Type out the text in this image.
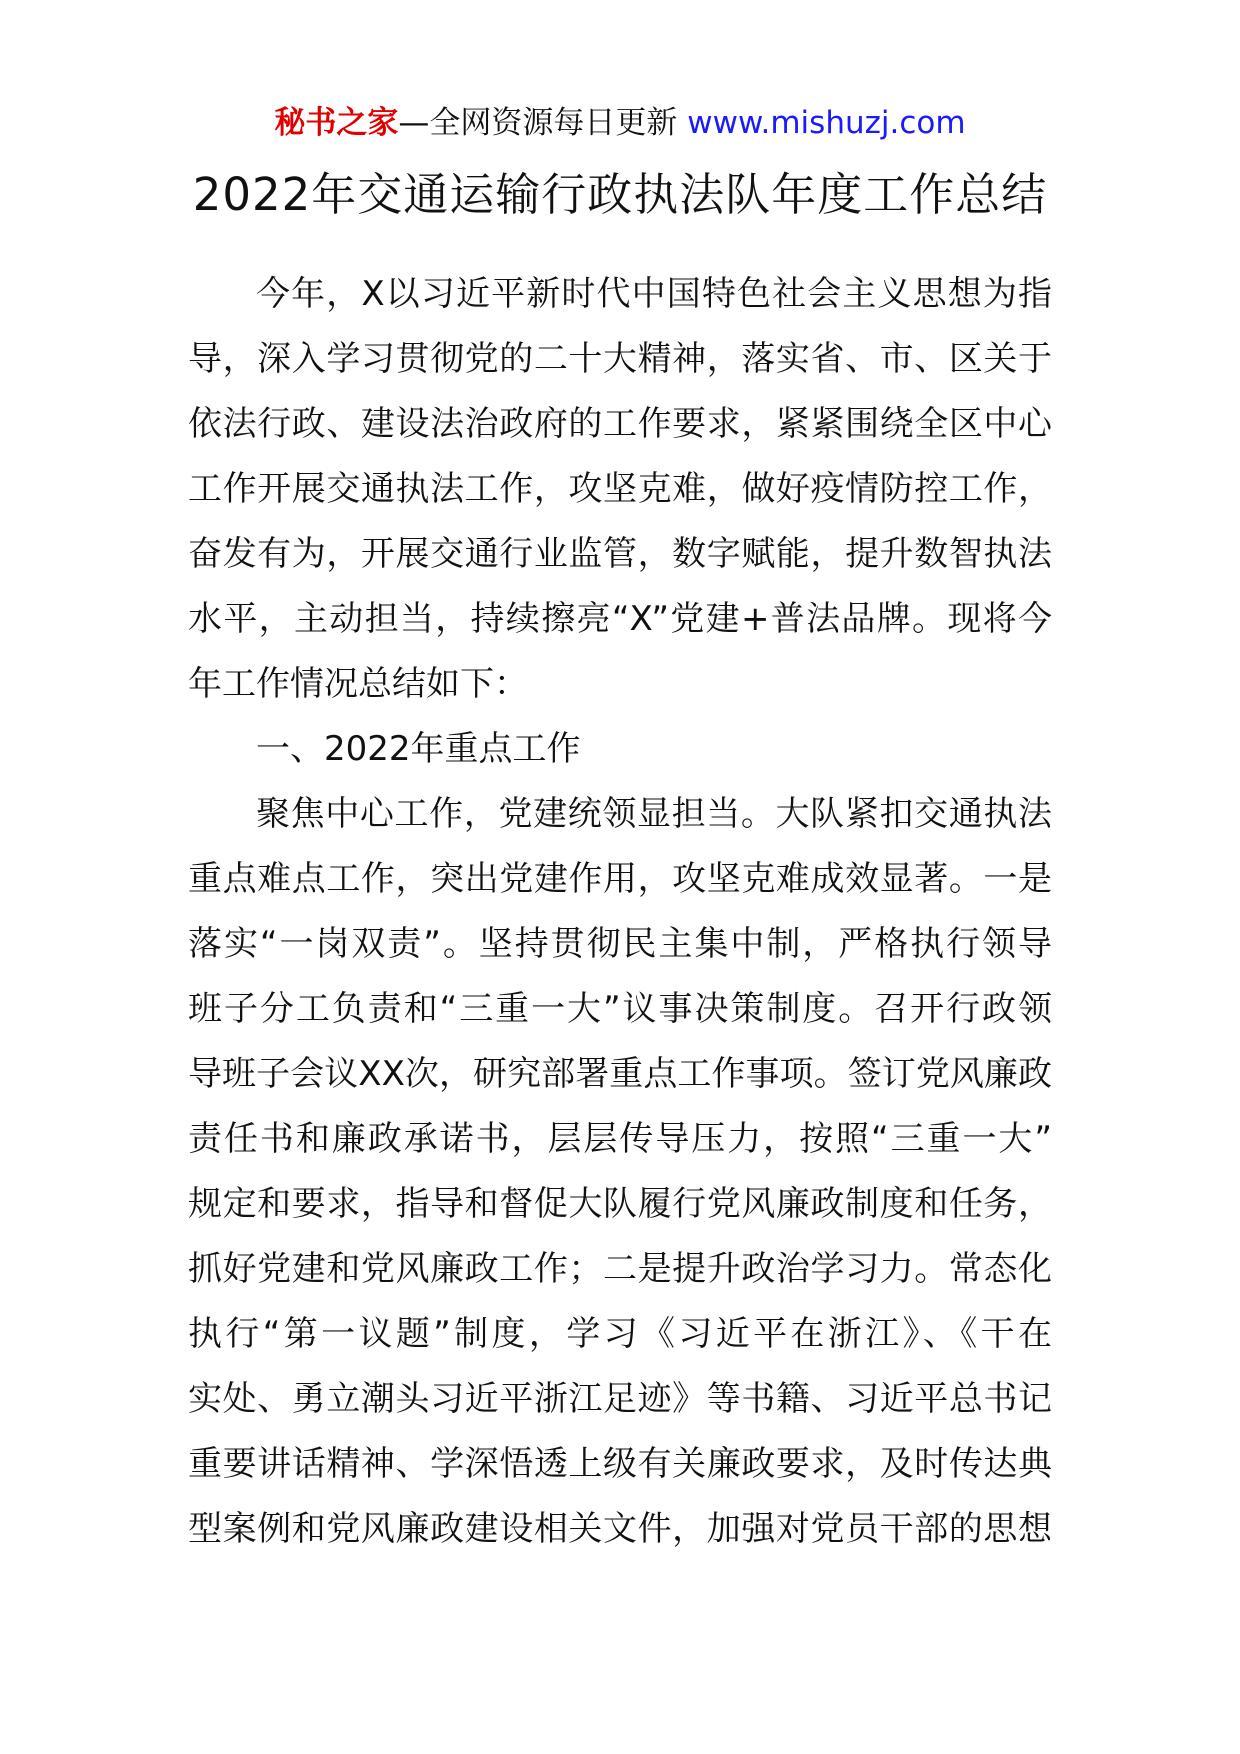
秘书之家—全网资源每日更新 www.mishuzj.com
2022年交通运输行政执法队年度工作总结
今年，X以习近平新时代中国特色社会主义思想为指
导，深入学习贯彻党的二十大精神，落实省、市、区关于
依法行政、建设法治政府的工作要求，紧紧围绕全区中心
工作开展交通执法工作，攻坚克难，做好疫情防控工作，
奋发有为，开展交通行业监管，数字赋能，提升数智执法
水平，主动担当，持续擦亮“X”党建+普法品牌。现将今
年工作情况总结如下：
一、2022年重点工作
聚焦中心工作，党建统领显担当。大队紧扣交通执法
重点难点工作，突出党建作用，攻坚克难成效显著。一是
落实“一岗双责”。坚持贯彻民主集中制，严格执行领导
班子分工负责和“三重一大”议事决策制度。召开行政领
导班子会议XX次，研究部署重点工作事项。签订党风廉政
责任书和廉政承诺书，层层传导压力，按照“三重一大”
规定和要求，指导和督促大队履行党风廉政制度和任务，
抓好党建和党风廉政工作；二是提升政治学习力。常态化
执行“第一议题”制度，学习《习近平在浙江》、《干在
实处、勇立潮头习近平浙江足迹》等书籍、习近平总书记
重要讲话精神、学深悟透上级有关廉政要求，及时传达典
型案例和党风廉政建设相关文件，加强对党员干部的思想
